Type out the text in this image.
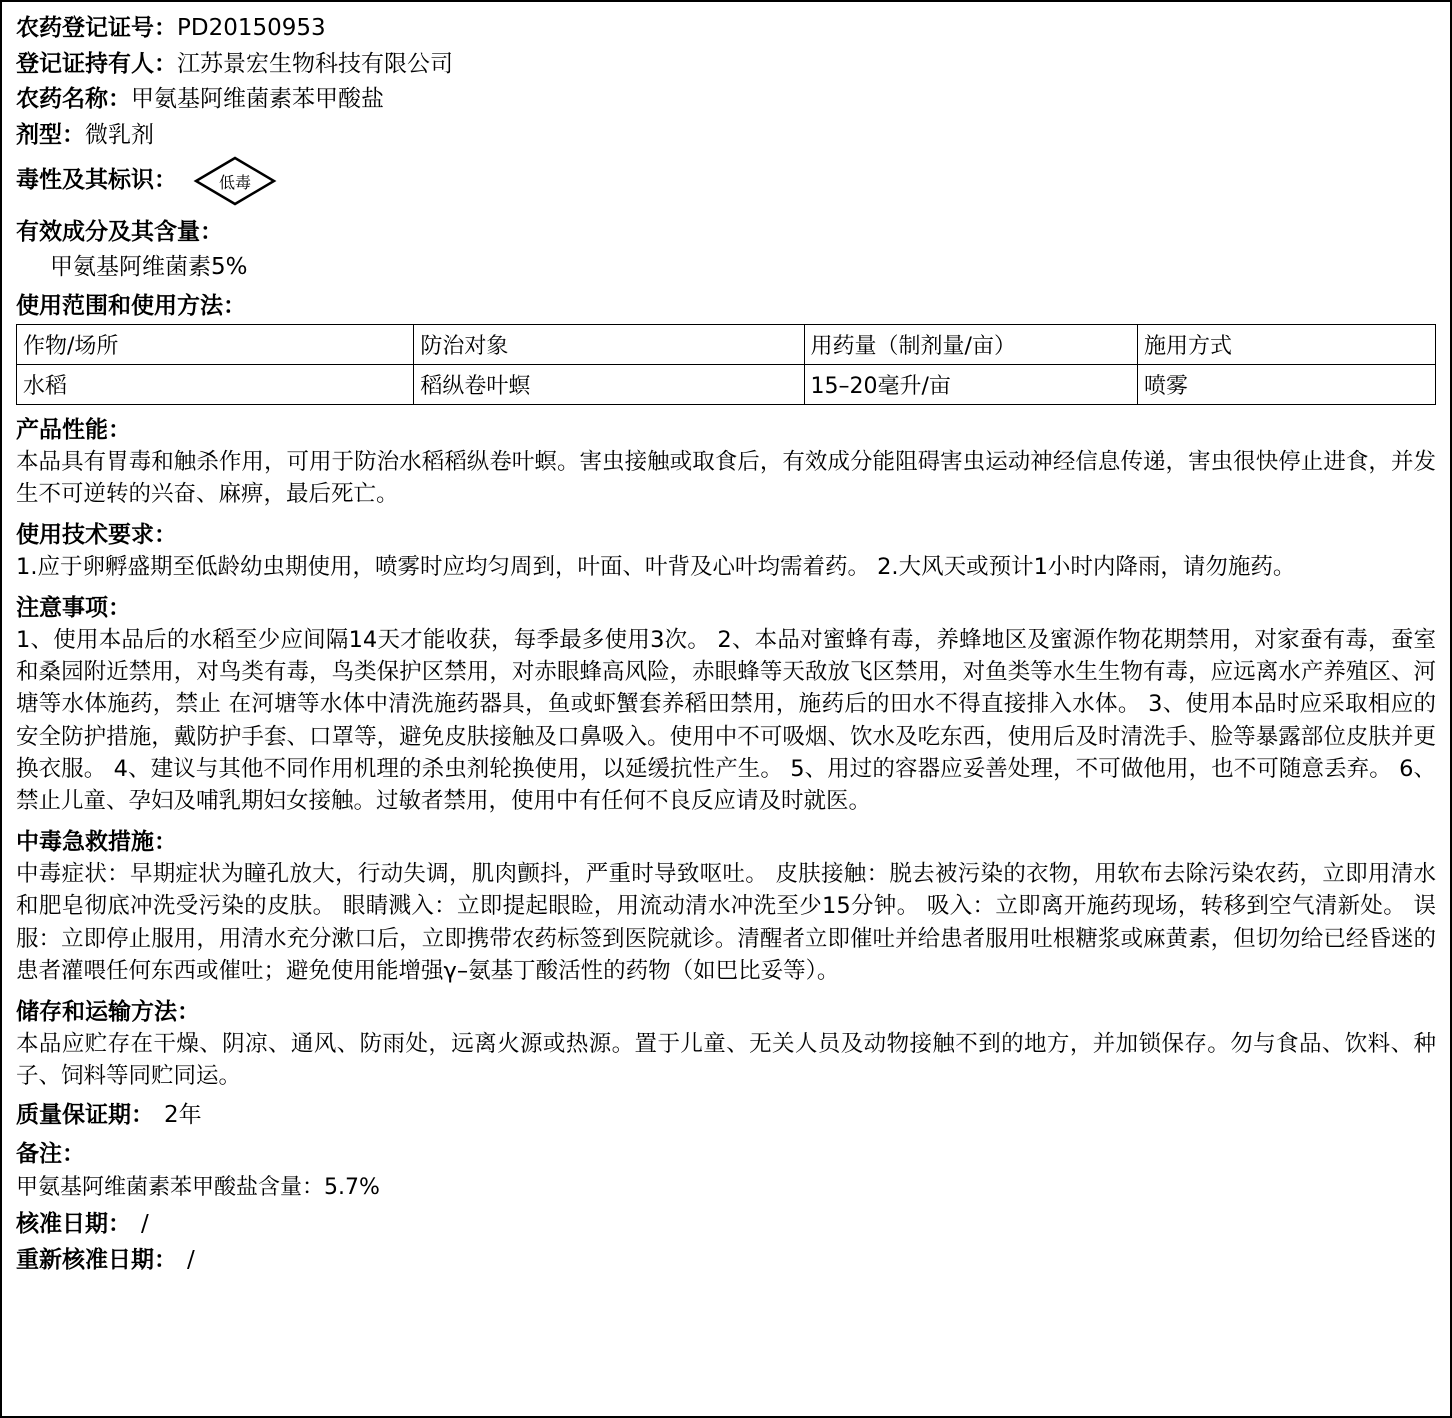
农药登记证号：PD20150953
登记证持有人：江苏景宏生物科技有限公司
农药名称：甲氨基阿维菌素苯甲酸盐
剂型：微乳剂
毒性及其标识：	低毒
有效成分及其含量：
甲氨基阿维菌素5%
使用范围和使用方法：
作物/场所	防治对象	用药量（制剂量/亩）	施用方式
水稻	稻纵卷叶螟	15–20毫升/亩	喷雾
产品性能：
本品具有胃毒和触杀作用，可用于防治水稻稻纵卷叶螟。害虫接触或取食后，有效成分能阻碍害虫运动神经信息传递，害虫很快停止进食，并发生不可逆转的兴奋、麻痹，最后死亡。
使用技术要求：
1.应于卵孵盛期至低龄幼虫期使用，喷雾时应均匀周到，叶面、叶背及心叶均需着药。 2.大风天或预计1小时内降雨，请勿施药。
注意事项：
1、使用本品后的水稻至少应间隔14天才能收获，每季最多使用3次。 2、本品对蜜蜂有毒，养蜂地区及蜜源作物花期禁用，对家蚕有毒，蚕室和桑园附近禁用，对鸟类有毒，鸟类保护区禁用，对赤眼蜂高风险，赤眼蜂等天敌放飞区禁用，对鱼类等水生生物有毒，应远离水产养殖区、河塘等水体施药，禁止 在河塘等水体中清洗施药器具，鱼或虾蟹套养稻田禁用，施药后的田水不得直接排入水体。 3、使用本品时应采取相应的安全防护措施，戴防护手套、口罩等，避免皮肤接触及口鼻吸入。使用中不可吸烟、饮水及吃东西，使用后及时清洗手、脸等暴露部位皮肤并更换衣服。 4、建议与其他不同作用机理的杀虫剂轮换使用，以延缓抗性产生。 5、用过的容器应妥善处理，不可做他用，也不可随意丢弃。 6、禁止儿童、孕妇及哺乳期妇女接触。过敏者禁用，使用中有任何不良反应请及时就医。
中毒急救措施：
中毒症状：早期症状为瞳孔放大，行动失调，肌肉颤抖，严重时导致呕吐。 皮肤接触：脱去被污染的衣物，用软布去除污染农药，立即用清水和肥皂彻底冲洗受污染的皮肤。 眼睛溅入：立即提起眼睑，用流动清水冲洗至少15分钟。 吸入：立即离开施药现场，转移到空气清新处。 误服：立即停止服用，用清水充分漱口后，立即携带农药标签到医院就诊。清醒者立即催吐并给患者服用吐根糖浆或麻黄素，但切勿给已经昏迷的患者灌喂任何东西或催吐；避免使用能增强γ–氨基丁酸活性的药物（如巴比妥等）。
储存和运输方法：
本品应贮存在干燥、阴凉、通风、防雨处，远离火源或热源。置于儿童、无关人员及动物接触不到的地方，并加锁保存。勿与食品、饮料、种子、饲料等同贮同运。
质量保证期： 2年
备注：
甲氨基阿维菌素苯甲酸盐含量：5.7%
核准日期： /
重新核准日期： /
